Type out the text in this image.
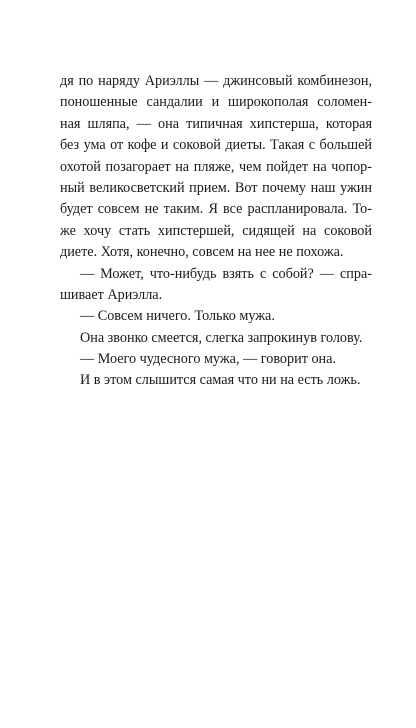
дя по наряду Ариэллы — джинсовый комбинезон,
поношенные сандалии и широкополая соломен-
ная шляпа, — она типичная хипстерша, которая
без ума от кофе и соковой диеты. Такая с большей
охотой позагорает на пляже, чем пойдет на чопор-
ный великосветский прием. Вот почему наш ужин
будет совсем не таким. Я все распланировала. То-
же хочу стать хипстершей, сидящей на соковой
диете. Хотя, конечно, совсем на нее не похожа.
— Может, что-нибудь взять с собой? — спра-
шивает Ариэлла.
— Совсем ничего. Только мужа.
Она звонко смеется, слегка запрокинув голову.
— Моего чудесного мужа, — говорит она.
И в этом слышится самая что ни на есть ложь.
